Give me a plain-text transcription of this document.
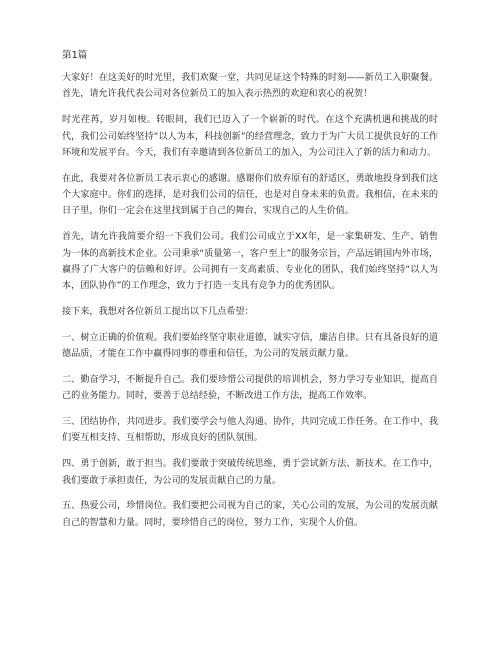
第1篇

大家好！在这美好的时光里，我们欢聚一堂，共同见证这个特殊的时刻——新员工入职聚餐。首先，请允许我代表公司对各位新员工的加入表示热烈的欢迎和衷心的祝贺！

时光荏苒，岁月如梭。转眼间，我们已迈入了一个崭新的时代。在这个充满机遇和挑战的时代，我们公司始终坚持“以人为本，科技创新”的经营理念，致力于为广大员工提供良好的工作环境和发展平台。今天，我们有幸邀请到各位新员工的加入，为公司注入了新的活力和动力。

在此，我要对各位新员工表示衷心的感谢。感谢你们放弃原有的舒适区，勇敢地投身到我们这个大家庭中。你们的选择，是对我们公司的信任，也是对自身未来的负责。我相信，在未来的日子里，你们一定会在这里找到属于自己的舞台，实现自己的人生价值。

首先，请允许我简要介绍一下我们公司。我们公司成立于XX年，是一家集研发、生产、销售为一体的高新技术企业。公司秉承“质量第一，客户至上”的服务宗旨，产品远销国内外市场，赢得了广大客户的信赖和好评。公司拥有一支高素质、专业化的团队，我们始终坚持“以人为本，团队协作”的工作理念，致力于打造一支具有竞争力的优秀团队。

接下来，我想对各位新员工提出以下几点希望：

一、树立正确的价值观。我们要始终坚守职业道德，诚实守信，廉洁自律。只有具备良好的道德品质，才能在工作中赢得同事的尊重和信任，为公司的发展贡献力量。

二、勤奋学习，不断提升自己。我们要珍惜公司提供的培训机会，努力学习专业知识，提高自己的业务能力。同时，要善于总结经验，不断改进工作方法，提高工作效率。

三、团结协作，共同进步。我们要学会与他人沟通、协作，共同完成工作任务。在工作中，我们要互相支持、互相帮助，形成良好的团队氛围。

四、勇于创新，敢于担当。我们要敢于突破传统思维，勇于尝试新方法、新技术。在工作中，我们要敢于承担责任，为公司的发展贡献自己的力量。

五、热爱公司，珍惜岗位。我们要把公司视为自己的家，关心公司的发展，为公司的发展贡献自己的智慧和力量。同时，要珍惜自己的岗位，努力工作，实现个人价值。
